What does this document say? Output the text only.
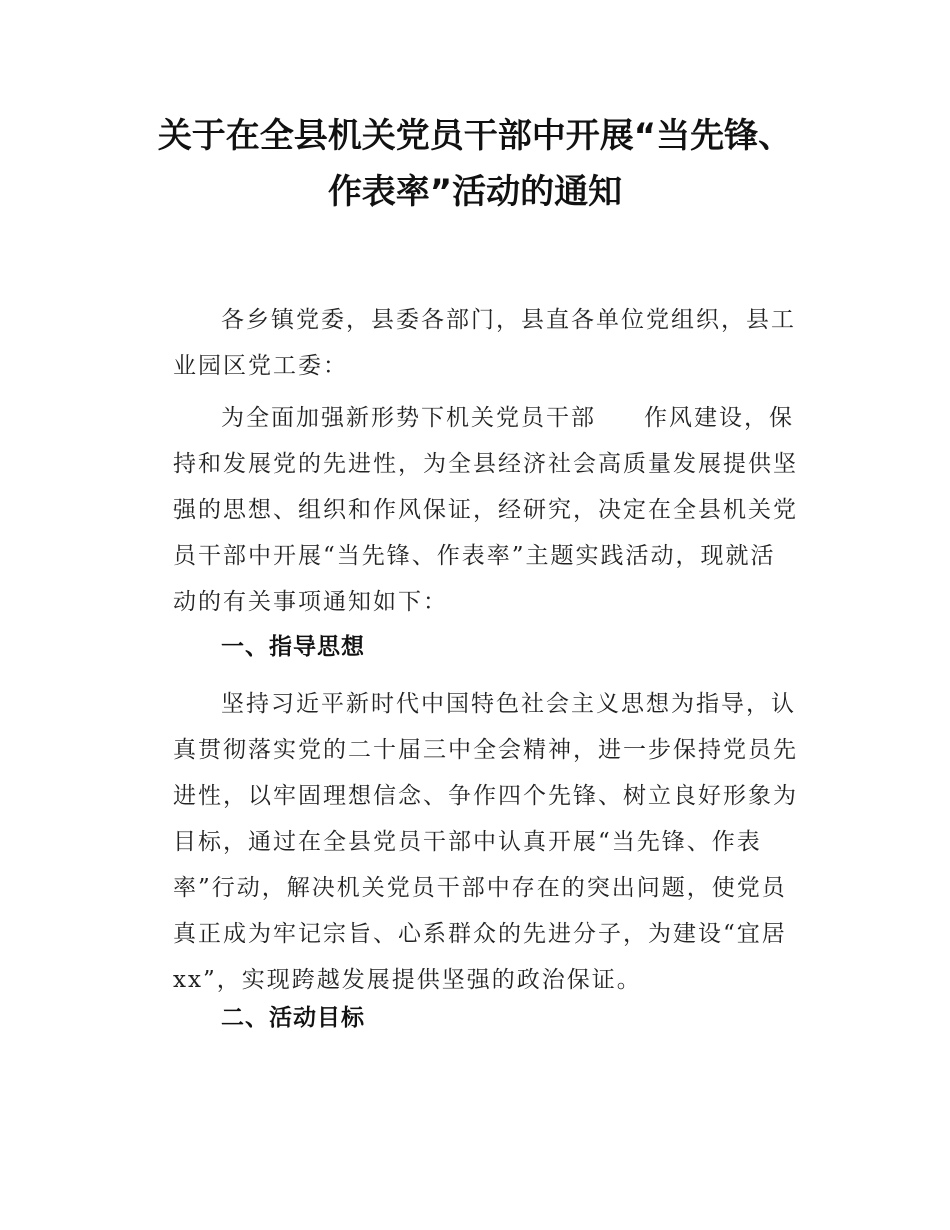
关于在全县机关党员干部中开展“当先锋、
作表率”活动的通知
各乡镇党委，县委各部门，县直各单位党组织，县工
业园区党工委：
为全面加强新形势下机关党员干部 作风建设，保
持和发展党的先进性，为全县经济社会高质量发展提供坚
强的思想、组织和作风保证，经研究，决定在全县机关党
员干部中开展“当先锋、作表率”主题实践活动，现就活
动的有关事项通知如下：
一、指导思想
坚持习近平新时代中国特色社会主义思想为指导，认
真贯彻落实党的二十届三中全会精神，进一步保持党员先
进性，以牢固理想信念、争作四个先锋、树立良好形象为
目标，通过在全县党员干部中认真开展“当先锋、作表
率”行动，解决机关党员干部中存在的突出问题，使党员
真正成为牢记宗旨、心系群众的先进分子，为建设“宜居
xx”，实现跨越发展提供坚强的政治保证。
二、活动目标
